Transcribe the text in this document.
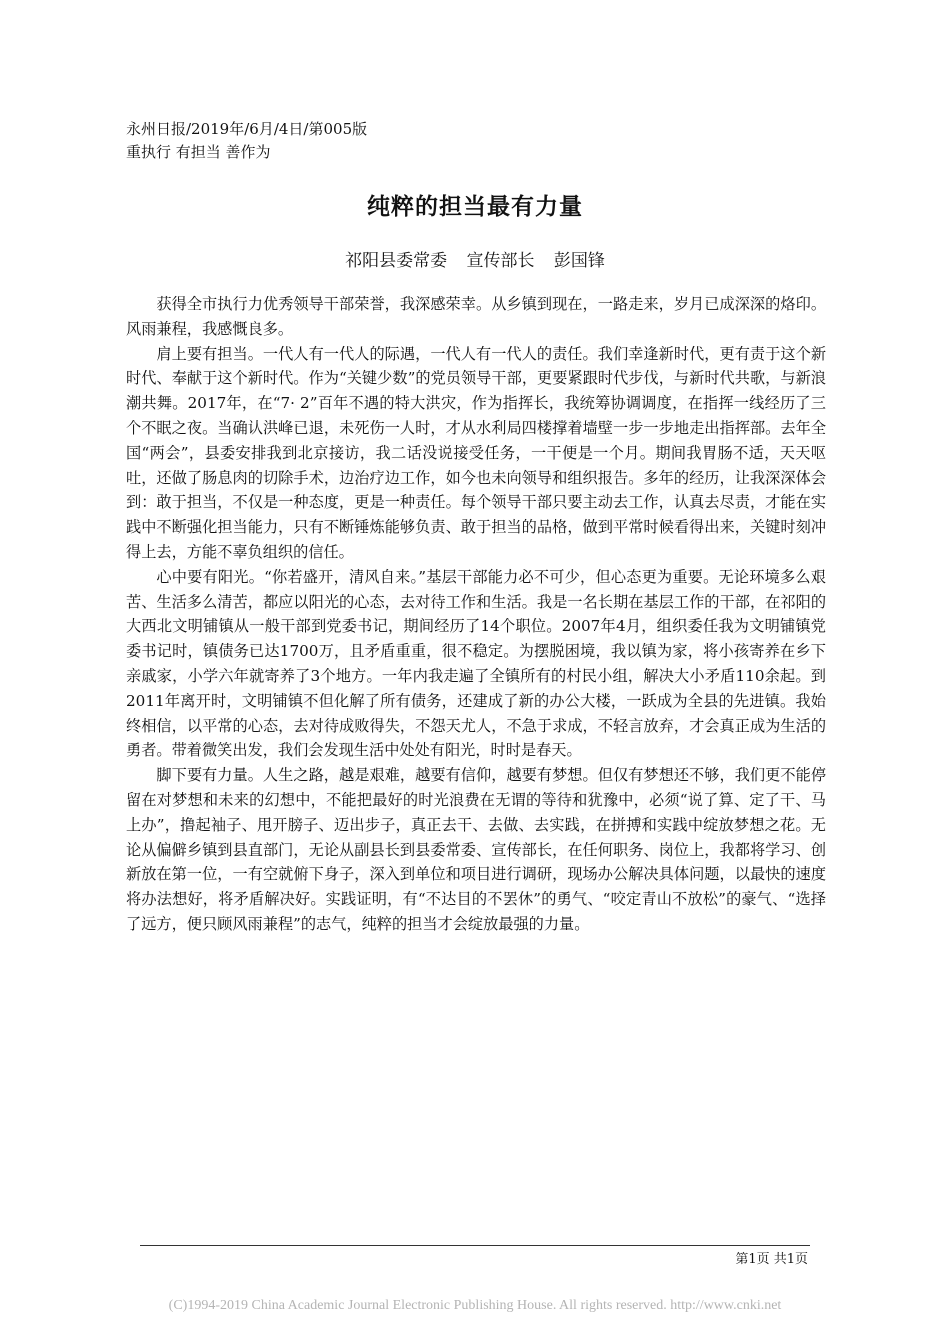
永州日报/2019年/6月/4日/第005版
重执行 有担当 善作为
纯粹的担当最有力量
祁阳县委常委 宣传部长 彭国锋

获得全市执行力优秀领导干部荣誉，我深感荣幸。从乡镇到现在，一路走来，岁月已成深深的烙印。风雨兼程，我感慨良多。

肩上要有担当。一代人有一代人的际遇，一代人有一代人的责任。我们幸逢新时代，更有责于这个新时代、奉献于这个新时代。作为“关键少数”的党员领导干部，更要紧跟时代步伐，与新时代共歌，与新浪潮共舞。2017年，在“7· 2”百年不遇的特大洪灾，作为指挥长，我统筹协调调度，在指挥一线经历了三个不眠之夜。当确认洪峰已退，未死伤一人时，才从水利局四楼撑着墙壁一步一步地走出指挥部。去年全国“两会”，县委安排我到北京接访，我二话没说接受任务，一干便是一个月。期间我胃肠不适，天天呕吐，还做了肠息肉的切除手术，边治疗边工作，如今也未向领导和组织报告。多年的经历，让我深深体会到：敢于担当，不仅是一种态度，更是一种责任。每个领导干部只要主动去工作，认真去尽责，才能在实践中不断强化担当能力，只有不断锤炼能够负责、敢于担当的品格，做到平常时候看得出来，关键时刻冲得上去，方能不辜负组织的信任。

心中要有阳光。“你若盛开，清风自来。”基层干部能力必不可少，但心态更为重要。无论环境多么艰苦、生活多么清苦，都应以阳光的心态，去对待工作和生活。我是一名长期在基层工作的干部，在祁阳的大西北文明铺镇从一般干部到党委书记，期间经历了14个职位。2007年4月，组织委任我为文明铺镇党委书记时，镇债务已达1700万，且矛盾重重，很不稳定。为摆脱困境，我以镇为家，将小孩寄养在乡下亲戚家，小学六年就寄养了3个地方。一年内我走遍了全镇所有的村民小组，解决大小矛盾110余起。到2011年离开时，文明铺镇不但化解了所有债务，还建成了新的办公大楼，一跃成为全县的先进镇。我始终相信，以平常的心态，去对待成败得失，不怨天尤人，不急于求成，不轻言放弃，才会真正成为生活的勇者。带着微笑出发，我们会发现生活中处处有阳光，时时是春天。

脚下要有力量。人生之路，越是艰难，越要有信仰，越要有梦想。但仅有梦想还不够，我们更不能停留在对梦想和未来的幻想中，不能把最好的时光浪费在无谓的等待和犹豫中，必须“说了算、定了干、马上办”，撸起袖子、甩开膀子、迈出步子，真正去干、去做、去实践，在拼搏和实践中绽放梦想之花。无论从偏僻乡镇到县直部门，无论从副县长到县委常委、宣传部长，在任何职务、岗位上，我都将学习、创新放在第一位，一有空就俯下身子，深入到单位和项目进行调研，现场办公解决具体问题，以最快的速度将办法想好，将矛盾解决好。实践证明，有“不达目的不罢休”的勇气、“咬定青山不放松”的豪气、“选择了远方，便只顾风雨兼程”的志气，纯粹的担当才会绽放最强的力量。

第1页 共1页
(C)1994-2019 China Academic Journal Electronic Publishing House. All rights reserved. http://www.cnki.net
